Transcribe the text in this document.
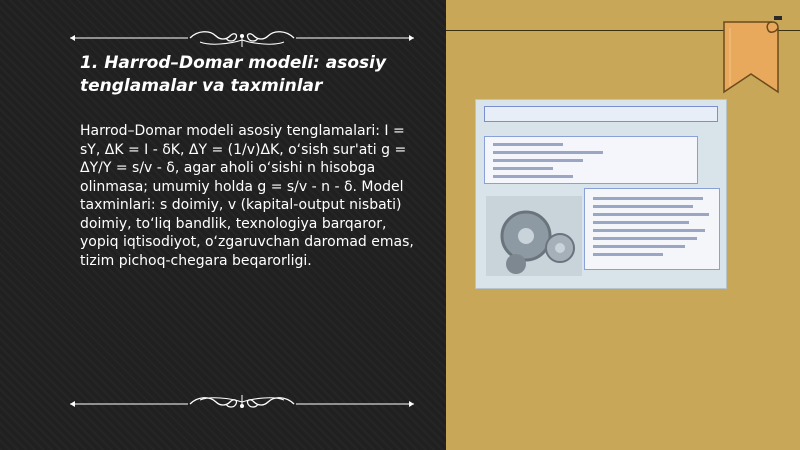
1. Harrod–Domar modeli: asosiy tenglamalar va taxminlar

Harrod–Domar modeli asosiy tenglamalari: I = sY, ΔK = I - δK, ΔY = (1/v)ΔK, o‘sish sur'ati g = ΔY/Y = s/v - δ, agar aholi o‘sishi n hisobga olinmasa; umumiy holda g = s/v - n - δ. Model taxminlari: s doimiy, v (kapital-output nisbati) doimiy, to‘liq bandlik, texnologiya barqaror, yopiq iqtisodiyot, o‘zgaruvchan daromad emas, tizim pichoq-chegara beqarorligi.
